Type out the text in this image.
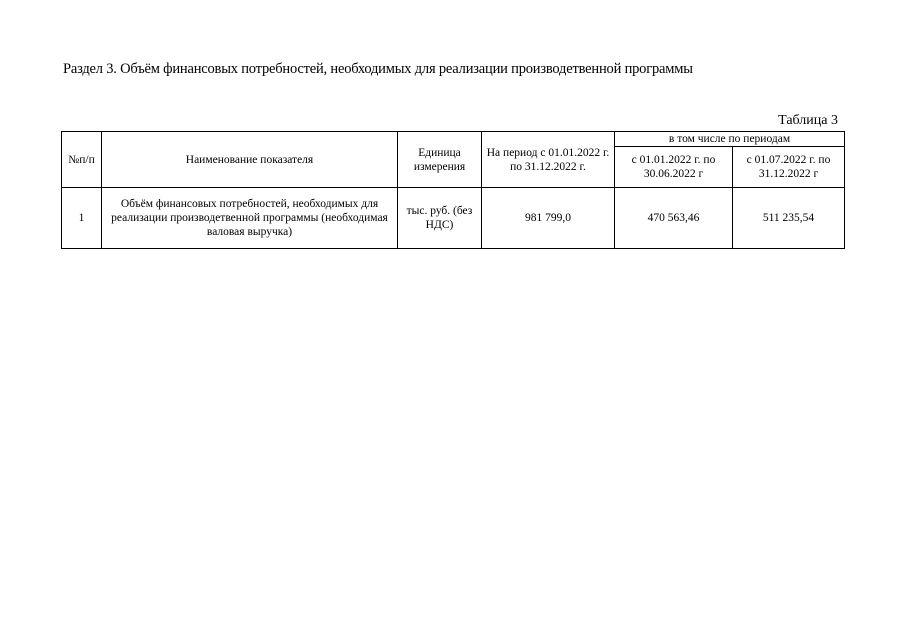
Раздел 3. Объём финансовых потребностей, необходимых для реализации производетвенной программы
Таблица 3
№п/п	Наименование показателя	Единица измерения	На период с 01.01.2022 г. по 31.12.2022 г.	в том числе по периодам	
				с 01.01.2022 г. по 30.06.2022 г	с 01.07.2022 г. по 31.12.2022 г
1	Объём финансовых потребностей, необходимых для реализации производетвенной программы (необходимая валовая выручка)	тыс. руб. (без НДС)	981 799,0	470 563,46	511 235,54
